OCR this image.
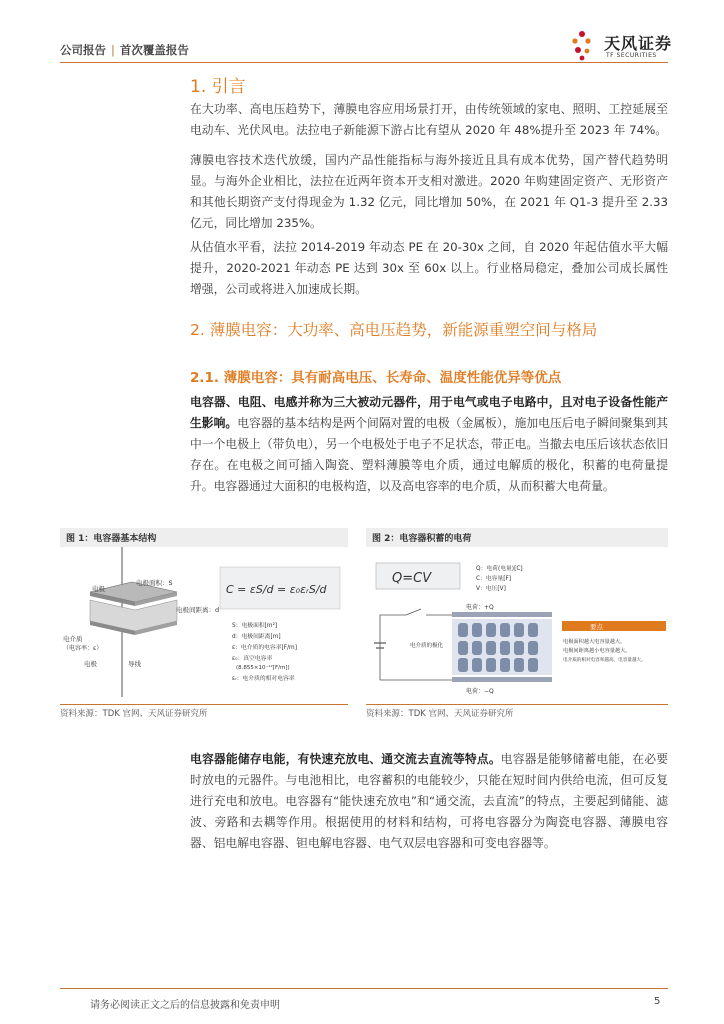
公司报告 | 首次覆盖报告	天风证券
TF SECURITIES
1. 引言
在大功率、高电压趋势下，薄膜电容应用场景打开，由传统领域的家电、照明、工控延展至电动车、光伏风电。法拉电子新能源下游占比有望从 2020 年 48%提升至 2023 年 74%。
薄膜电容技术迭代放缓，国内产品性能指标与海外接近且具有成本优势，国产替代趋势明显。与海外企业相比，法拉在近两年资本开支相对激进。2020 年购建固定资产、无形资产和其他长期资产支付得现金为 1.32 亿元，同比增加 50%，在 2021 年 Q1-3 提升至 2.33 亿元，同比增加 235%。
从估值水平看，法拉 2014-2019 年动态 PE 在 20-30x 之间，自 2020 年起估值水平大幅提升，2020-2021 年动态 PE 达到 30x 至 60x 以上。行业格局稳定，叠加公司成长属性增强，公司或将进入加速成长期。
2. 薄膜电容：大功率、高电压趋势，新能源重塑空间与格局
2.1. 薄膜电容：具有耐高电压、长寿命、温度性能优异等优点
电容器、电阻、电感并称为三大被动元器件，用于电气或电子电路中，且对电子设备性能产生影响。电容器的基本结构是两个间隔对置的电极（金属板），施加电压后电子瞬间聚集到其中一个电极上（带负电），另一个电极处于电子不足状态，带正电。当撤去电压后该状态依旧存在。在电极之间可插入陶瓷、塑料薄膜等电介质，通过电解质的极化，积蓄的电荷量提升。电容器通过大面积的电极构造，以及高电容率的电介质，从而积蓄大电荷量。
图 1：电容器基本结构
电极面积：S
电极
电极间距离：d
电介质
（电容率：ε）
电极	导线
C = εS/d = ε₀εᵣS/d
S：电极面积[m²]
d：电极间距离[m]
ε：电介质的电容率[F/m]
ε₀：真空电容率
(8.855×10⁻¹²[F/m])
εᵣ：电介质的相对电容率
资料来源：TDK 官网、天风证券研究所
图 2：电容器积蓄的电荷
Q=CV
Q：电荷(电量)[C]
C：电容量[F]
V：电压[V]
电荷：+Q
电荷：−Q
电介质的极化
要点
电极面积越大电容量越大。
电极间距离越小电容量越大。
电介质的相对电容率越高，电容量越大。
资料来源：TDK 官网、天风证券研究所
电容器能储存电能，有快速充放电、通交流去直流等特点。电容器是能够储蓄电能，在必要时放电的元器件。与电池相比，电容蓄积的电能较少，只能在短时间内供给电流，但可反复进行充电和放电。电容器有“能快速充放电”和“通交流，去直流”的特点，主要起到储能、滤波、旁路和去耦等作用。根据使用的材料和结构，可将电容器分为陶瓷电容器、薄膜电容器、铝电解电容器、钽电解电容器、电气双层电容器和可变电容器等。
请务必阅读正文之后的信息披露和免责申明	5
